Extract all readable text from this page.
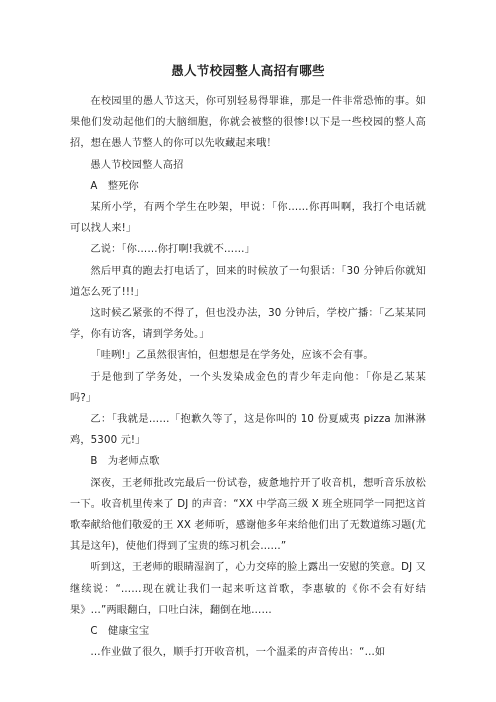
愚人节校园整人高招有哪些

在校园里的愚人节这天，你可别轻易得罪谁，那是一件非常恐怖的事。如果他们发动起他们的大脑细胞，你就会被整的很惨!以下是一些校园的整人高招，想在愚人节整人的你可以先收藏起来哦！

愚人节校园整人高招

A　整死你

某所小学，有两个学生在吵架，甲说：「你……你再叫啊，我打个电话就可以找人来!」

乙说：「你……你打啊!我就不……」

然后甲真的跑去打电话了，回来的时候放了一句狠话：「30 分钟后你就知道怎么死了!!!」

这时候乙紧张的不得了，但也没办法，30 分钟后，学校广播：「乙某某同学，你有访客，请到学务处。」

「哇咧!」乙虽然很害怕，但想想是在学务处，应该不会有事。

于是他到了学务处，一个头发染成金色的青少年走向他：「你是乙某某吗?」

乙：「我就是……「抱歉久等了，这是你叫的 10 份夏威夷 pizza 加淋淋鸡，5300 元!」

B　为老师点歌

深夜，王老师批改完最后一份试卷，疲惫地拧开了收音机，想听音乐放松一下。收音机里传来了 DJ 的声音：“XX 中学高三级 X 班全班同学一同把这首歌奉献给他们敬爱的王 XX 老师听，感谢他多年来给他们出了无数道练习题(尤其是这年)，使他们得到了宝贵的练习机会……”

听到这，王老师的眼睛湿润了，心力交瘁的脸上露出一安慰的笑意。DJ 又继续说：“……现在就让我们一起来听这首歌，李惠敏的《你不会有好结果》…”两眼翻白，口吐白沫，翻倒在地……

C　健康宝宝

…作业做了很久，顺手打开收音机，一个温柔的声音传出：“…如
